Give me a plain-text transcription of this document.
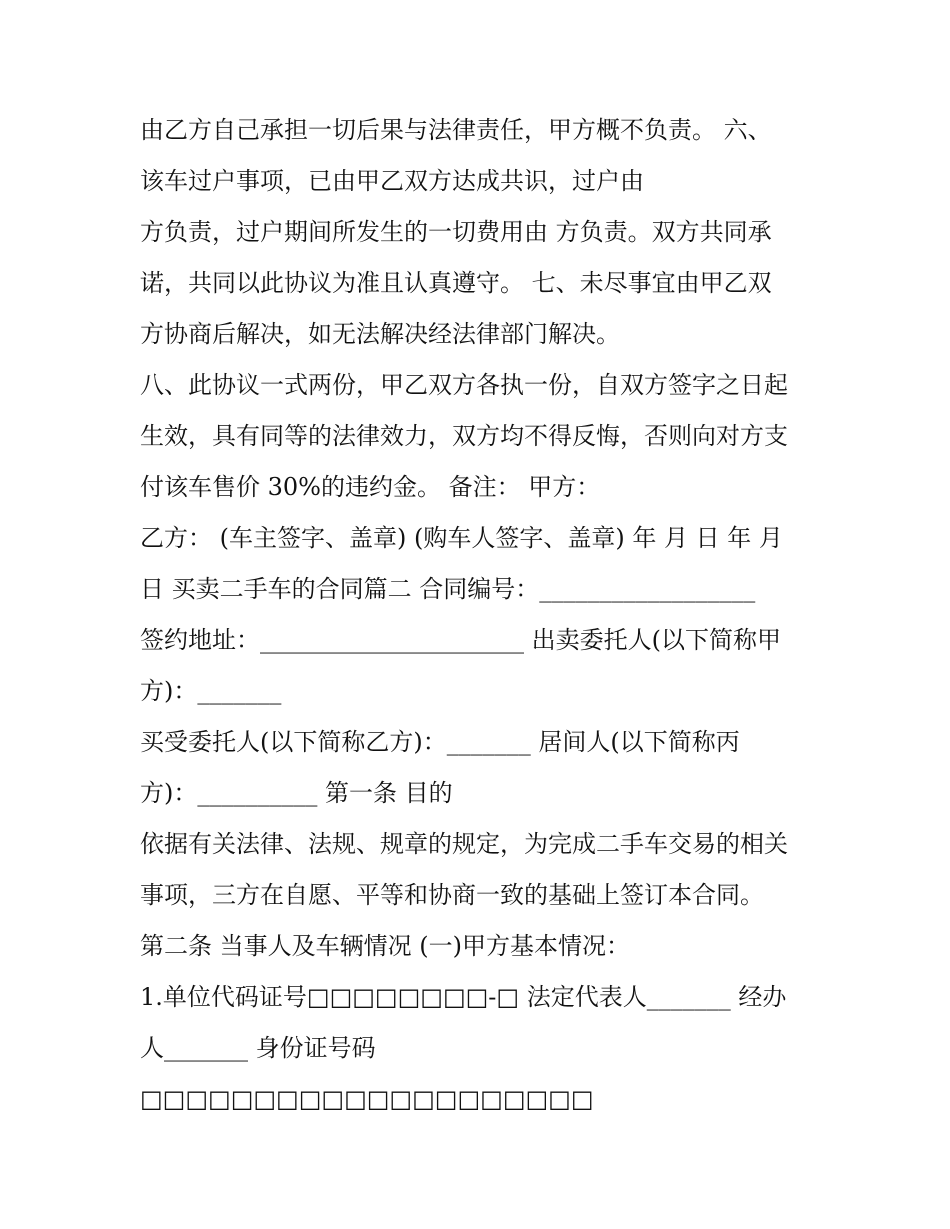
由乙方自己承担一切后果与法律责任，甲方概不负责。 六、
该车过户事项，已由甲乙双方达成共识，过户由
方负责，过户期间所发生的一切费用由 方负责。双方共同承
诺，共同以此协议为准且认真遵守。 七、未尽事宜由甲乙双
方协商后解决，如无法解决经法律部门解决。
八、此协议一式两份，甲乙双方各执一份，自双方签字之日起
生效，具有同等的法律效力，双方均不得反悔，否则向对方支
付该车售价 30%的违约金。 备注： 甲方：
乙方： (车主签字、盖章) (购车人签字、盖章) 年 月 日 年 月
日 买卖二手车的合同篇二 合同编号：__________________
签约地址：______________________ 出卖委托人(以下简称甲
方)：_______
买受委托人(以下简称乙方)：_______ 居间人(以下简称丙
方)：__________ 第一条 目的
依据有关法律、法规、规章的规定，为完成二手车交易的相关
事项，三方在自愿、平等和协商一致的基础上签订本合同。
第二条 当事人及车辆情况 (一)甲方基本情况：
1.单位代码证号□□□□□□□□-□ 法定代表人_______ 经办
人_______ 身份证号码
□□□□□□□□□□□□□□□□□□□□
